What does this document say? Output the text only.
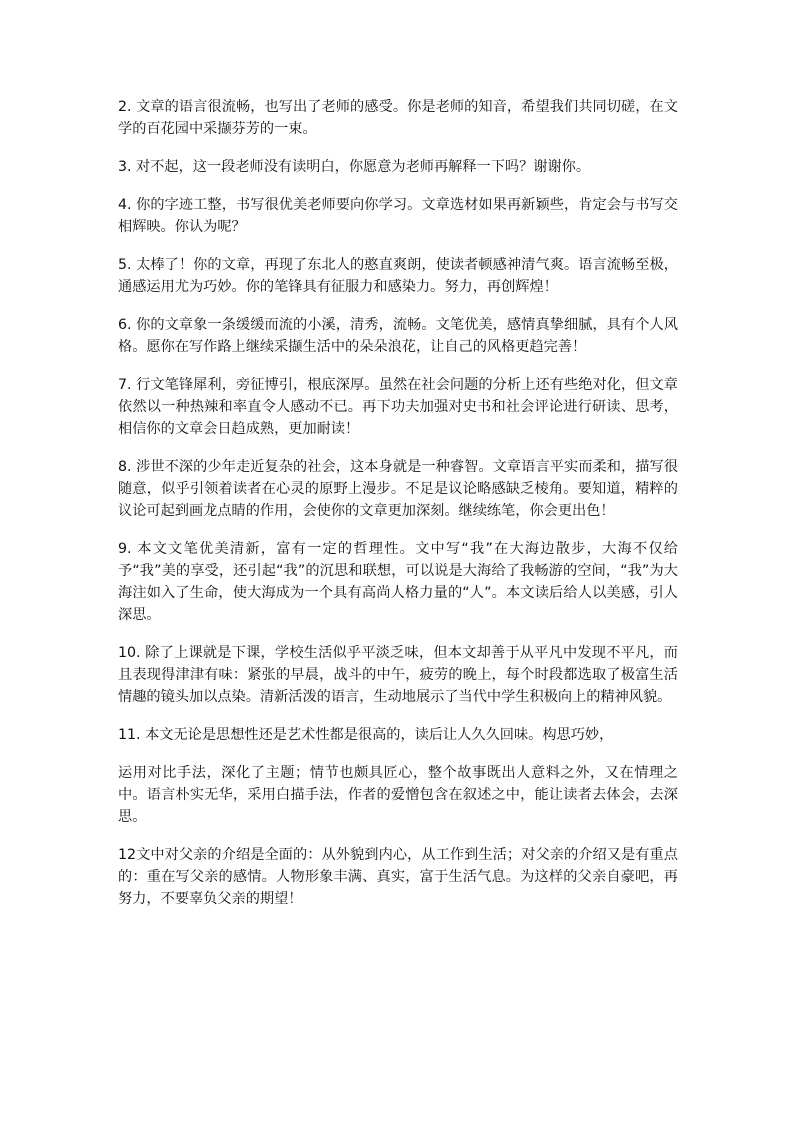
2. 文章的语言很流畅，也写出了老师的感受。你是老师的知音，希望我们共同切磋，在文学的百花园中采撷芬芳的一束。

3. 对不起，这一段老师没有读明白，你愿意为老师再解释一下吗？谢谢你。

4. 你的字迹工整，书写很优美老师要向你学习。文章选材如果再新颖些，肯定会与书写交相辉映。你认为呢？

5. 太棒了！你的文章，再现了东北人的憨直爽朗，使读者顿感神清气爽。语言流畅至极，通感运用尤为巧妙。你的笔锋具有征服力和感染力。努力，再创辉煌！

6. 你的文章象一条缓缓而流的小溪，清秀，流畅。文笔优美，感情真挚细腻，具有个人风格。愿你在写作路上继续采撷生活中的朵朵浪花，让自己的风格更趋完善！

7. 行文笔锋犀利，旁征博引，根底深厚。虽然在社会问题的分析上还有些绝对化，但文章依然以一种热辣和率直令人感动不已。再下功夫加强对史书和社会评论进行研读、思考，相信你的文章会日趋成熟，更加耐读！

8. 涉世不深的少年走近复杂的社会，这本身就是一种睿智。文章语言平实而柔和，描写很随意，似乎引领着读者在心灵的原野上漫步。不足是议论略感缺乏棱角。要知道，精粹的议论可起到画龙点睛的作用，会使你的文章更加深刻。继续练笔，你会更出色！

9. 本文文笔优美清新，富有一定的哲理性。文中写“我”在大海边散步，大海不仅给予“我”美的享受，还引起“我”的沉思和联想，可以说是大海给了我畅游的空间，“我”为大海注如入了生命，使大海成为一个具有高尚人格力量的“人”。本文读后给人以美感，引人深思。

10. 除了上课就是下课，学校生活似乎平淡乏味，但本文却善于从平凡中发现不平凡，而且表现得津津有味：紧张的早晨，战斗的中午，疲劳的晚上，每个时段都选取了极富生活情趣的镜头加以点染。清新活泼的语言，生动地展示了当代中学生积极向上的精神风貌。

11. 本文无论是思想性还是艺术性都是很高的，读后让人久久回味。构思巧妙，

运用对比手法，深化了主题；情节也颇具匠心，整个故事既出人意料之外，又在情理之中。语言朴实无华，采用白描手法，作者的爱憎包含在叙述之中，能让读者去体会，去深思。

12文中对父亲的介绍是全面的：从外貌到内心，从工作到生活；对父亲的介绍又是有重点的：重在写父亲的感情。人物形象丰满、真实，富于生活气息。为这样的父亲自豪吧，再努力，不要辜负父亲的期望！
